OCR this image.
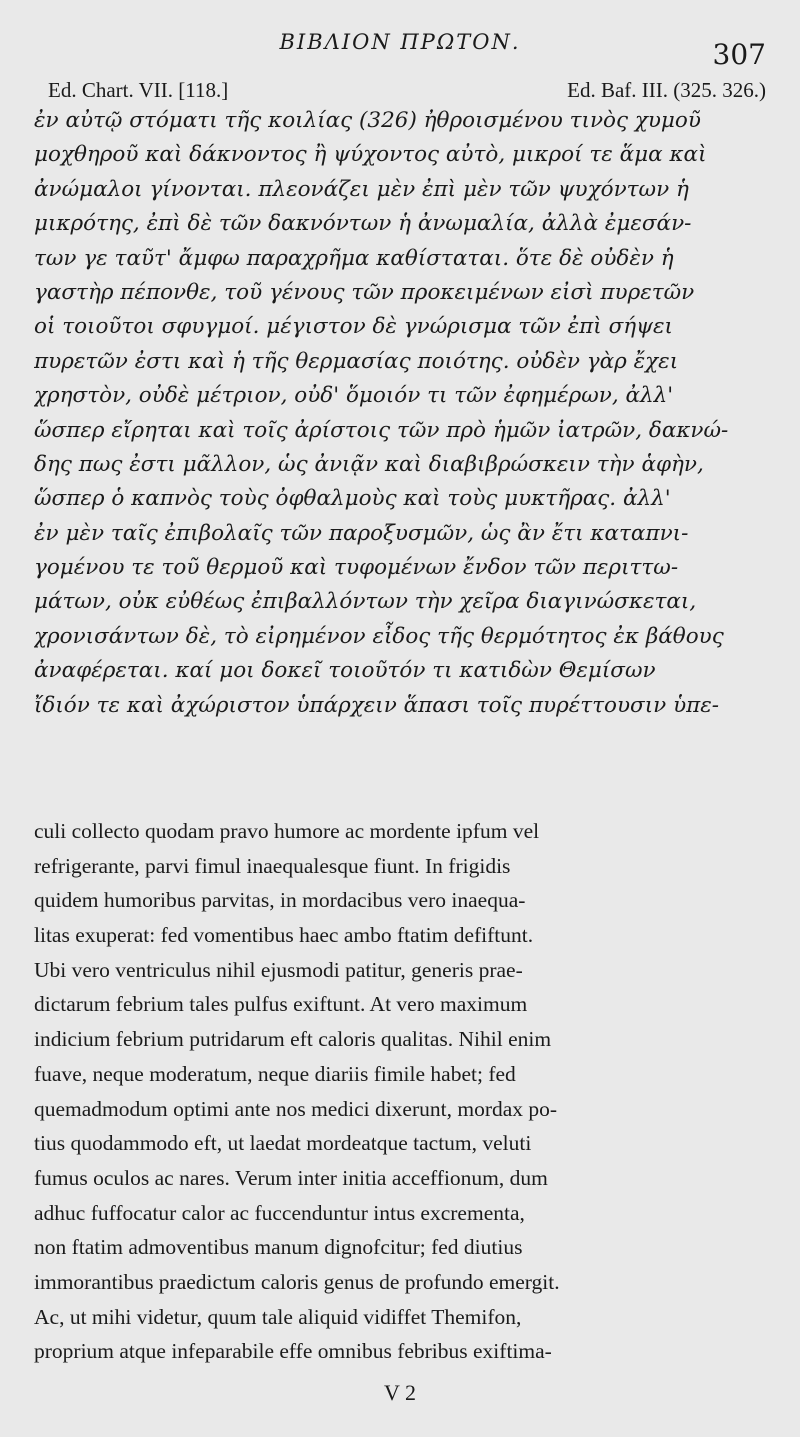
ΒΙΒΛΙΟΝ ΠΡΩΤΟΝ.	307
Ed. Chart. VII. [118.]	Ed. Baf. III. (325. 326.)
ἐν αὐτῷ στόματι τῆς κοιλίας (326) ἠθροισμένου τινὸς χυμοῦ
μοχθηροῦ καὶ δάκνοντος ἢ ψύχοντος αὐτὸ, μικροί τε ἅμα καὶ
ἀνώμαλοι γίνονται. πλεονάζει μὲν ἐπὶ μὲν τῶν ψυχόντων ἡ
μικρότης, ἐπὶ δὲ τῶν δακνόντων ἡ ἀνωμαλία, ἀλλὰ ἐμεσάν-
των γε ταῦτ' ἄμφω παραχρῆμα καθίσταται. ὅτε δὲ οὐδὲν ἡ
γαστὴρ πέπονθε, τοῦ γένους τῶν προκειμένων εἰσὶ πυρετῶν
οἱ τοιοῦτοι σφυγμοί. μέγιστον δὲ γνώρισμα τῶν ἐπὶ σήψει
πυρετῶν ἐστι καὶ ἡ τῆς θερμασίας ποιότης. οὐδὲν γὰρ ἔχει
χρηστὸν, οὐδὲ μέτριον, οὐδ' ὅμοιόν τι τῶν ἐφημέρων, ἀλλ'
ὥσπερ εἴρηται καὶ τοῖς ἀρίστοις τῶν πρὸ ἡμῶν ἰατρῶν, δακνώ-
δης πως ἐστι μᾶλλον, ὡς ἀνιᾷν καὶ διαβιβρώσκειν τὴν ἁφὴν,
ὥσπερ ὁ καπνὸς τοὺς ὀφθαλμοὺς καὶ τοὺς μυκτῆρας. ἀλλ'
ἐν μὲν ταῖς ἐπιβολαῖς τῶν παροξυσμῶν, ὡς ἂν ἔτι καταπνι-
γομένου τε τοῦ θερμοῦ καὶ τυφομένων ἔνδον τῶν περιττω-
μάτων, οὐκ εὐθέως ἐπιβαλλόντων τὴν χεῖρα διαγινώσκεται,
χρονισάντων δὲ, τὸ εἰρημένον εἶδος τῆς θερμότητος ἐκ βάθους
ἀναφέρεται. καί μοι δοκεῖ τοιοῦτόν τι κατιδὼν Θεμίσων
ἴδιόν τε καὶ ἀχώριστον ὑπάρχειν ἅπασι τοῖς πυρέττουσιν ὑπε-
culi collecto quodam pravo humore ac mordente ipfum vel
refrigerante, parvi fimul inaequalesque fiunt. In frigidis
quidem humoribus parvitas, in mordacibus vero inaequa-
litas exuperat: fed vomentibus haec ambo ftatim defiftunt.
Ubi vero ventriculus nihil ejusmodi patitur, generis prae-
dictarum febrium tales pulfus exiftunt. At vero maximum
indicium febrium putridarum eft caloris qualitas. Nihil enim
fuave, neque moderatum, neque diariis fimile habet; fed
quemadmodum optimi ante nos medici dixerunt, mordax po-
tius quodammodo eft, ut laedat mordeatque tactum, veluti
fumus oculos ac nares. Verum inter initia acceffionum, dum
adhuc fuffocatur calor ac fuccenduntur intus excrementa,
non ftatim admoventibus manum dignofcitur; fed diutius
immorantibus praedictum caloris genus de profundo emergit.
Ac, ut mihi videtur, quum tale aliquid vidiffet Themifon,
proprium atque infeparabile effe omnibus febribus exiftima-
V 2
